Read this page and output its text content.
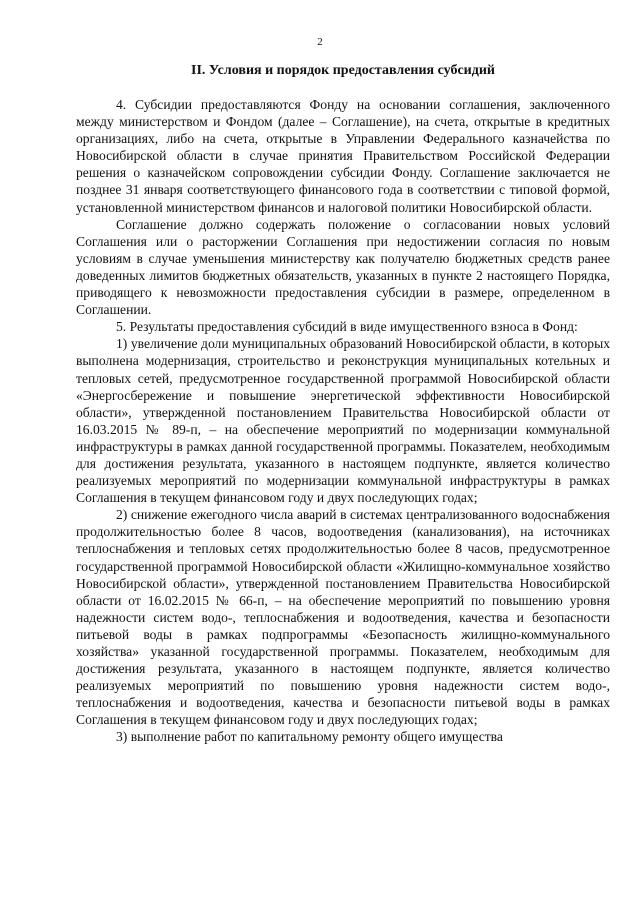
2
II. Условия и порядок предоставления субсидий

4. Субсидии предоставляются Фонду на основании соглашения, заключенного между министерством и Фондом (далее – Соглашение), на счета, открытые в кредитных организациях, либо на счета, открытые в Управлении Федерального казначейства по Новосибирской области в случае принятия Правительством Российской Федерации решения о казначейском сопровождении субсидии Фонду. Соглашение заключается не позднее 31 января соответствующего финансового года в соответствии с типовой формой, установленной министерством финансов и налоговой политики Новосибирской области.

Соглашение должно содержать положение о согласовании новых условий Соглашения или о расторжении Соглашения при недостижении согласия по новым условиям в случае уменьшения министерству как получателю бюджетных средств ранее доведенных лимитов бюджетных обязательств, указанных в пункте 2 настоящего Порядка, приводящего к невозможности предоставления субсидии в размере, определенном в Соглашении.

5. Результаты предоставления субсидий в виде имущественного взноса в Фонд:

1) увеличение доли муниципальных образований Новосибирской области, в которых выполнена модернизация, строительство и реконструкция муниципальных котельных и тепловых сетей, предусмотренное государственной программой Новосибирской области «Энергосбережение и повышение энергетической эффективности Новосибирской области», утвержденной постановлением Правительства Новосибирской области от 16.03.2015 № 89-п, – на обеспечение мероприятий по модернизации коммунальной инфраструктуры в рамках данной государственной программы. Показателем, необходимым для достижения результата, указанного в настоящем подпункте, является количество реализуемых мероприятий по модернизации коммунальной инфраструктуры в рамках Соглашения в текущем финансовом году и двух последующих годах;

2) снижение ежегодного числа аварий в системах централизованного водоснабжения продолжительностью более 8 часов, водоотведения (канализования), на источниках теплоснабжения и тепловых сетях продолжительностью более 8 часов, предусмотренное государственной программой Новосибирской области «Жилищно-коммунальное хозяйство Новосибирской области», утвержденной постановлением Правительства Новосибирской области от 16.02.2015 № 66-п, – на обеспечение мероприятий по повышению уровня надежности систем водо-, теплоснабжения и водоотведения, качества и безопасности питьевой воды в рамках подпрограммы «Безопасность жилищно-коммунального хозяйства» указанной государственной программы. Показателем, необходимым для достижения результата, указанного в настоящем подпункте, является количество реализуемых мероприятий по повышению уровня надежности систем водо-, теплоснабжения и водоотведения, качества и безопасности питьевой воды в рамках Соглашения в текущем финансовом году и двух последующих годах;

3) выполнение работ по капитальному ремонту общего имущества
